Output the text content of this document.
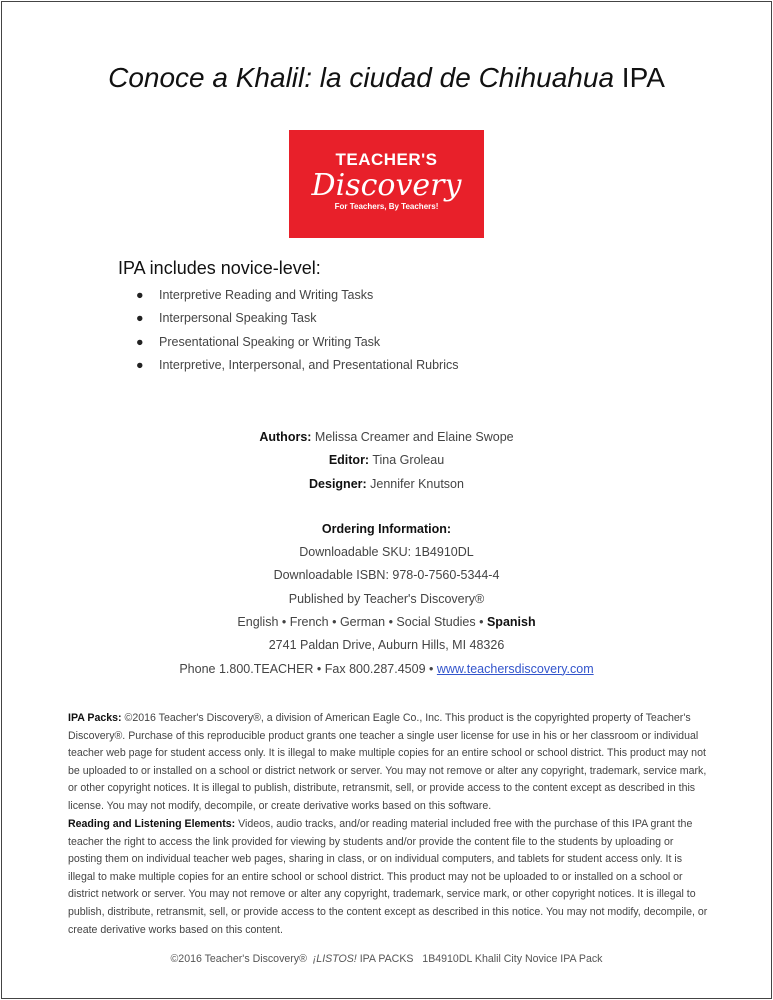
Conoce a Khalil: la ciudad de Chihuahua IPA
TEACHER'S
Discovery
For Teachers, By Teachers!
IPA includes novice-level:
● Interpretive Reading and Writing Tasks
● Interpersonal Speaking Task
● Presentational Speaking or Writing Task
● Interpretive, Interpersonal, and Presentational Rubrics
Authors: Melissa Creamer and Elaine Swope
Editor: Tina Groleau
Designer: Jennifer Knutson
Ordering Information:
Downloadable SKU: 1B4910DL
Downloadable ISBN: 978-0-7560-5344-4
Published by Teacher's Discovery®
English • French • German • Social Studies • Spanish
2741 Paldan Drive, Auburn Hills, MI 48326
Phone 1.800.TEACHER • Fax 800.287.4509 • www.teachersdiscovery.com
IPA Packs: ©2016 Teacher's Discovery®, a division of American Eagle Co., Inc. This product is the copyrighted property of Teacher's Discovery®. Purchase of this reproducible product grants one teacher a single user license for use in his or her classroom or individual teacher web page for student access only. It is illegal to make multiple copies for an entire school or school district. This product may not be uploaded to or installed on a school or district network or server. You may not remove or alter any copyright, trademark, service mark, or other copyright notices. It is illegal to publish, distribute, retransmit, sell, or provide access to the content except as described in this license. You may not modify, decompile, or create derivative works based on this software.
Reading and Listening Elements: Videos, audio tracks, and/or reading material included free with the purchase of this IPA grant the teacher the right to access the link provided for viewing by students and/or provide the content file to the students by uploading or posting them on individual teacher web pages, sharing in class, or on individual computers, and tablets for student access only. It is illegal to make multiple copies for an entire school or school district. This product may not be uploaded to or installed on a school or district network or server. You may not remove or alter any copyright, trademark, service mark, or other copyright notices. It is illegal to publish, distribute, retransmit, sell, or provide access to the content except as described in this notice. You may not modify, decompile, or create derivative works based on this content.
©2016 Teacher's Discovery®  ¡LISTOS! IPA PACKS   1B4910DL Khalil City Novice IPA Pack
